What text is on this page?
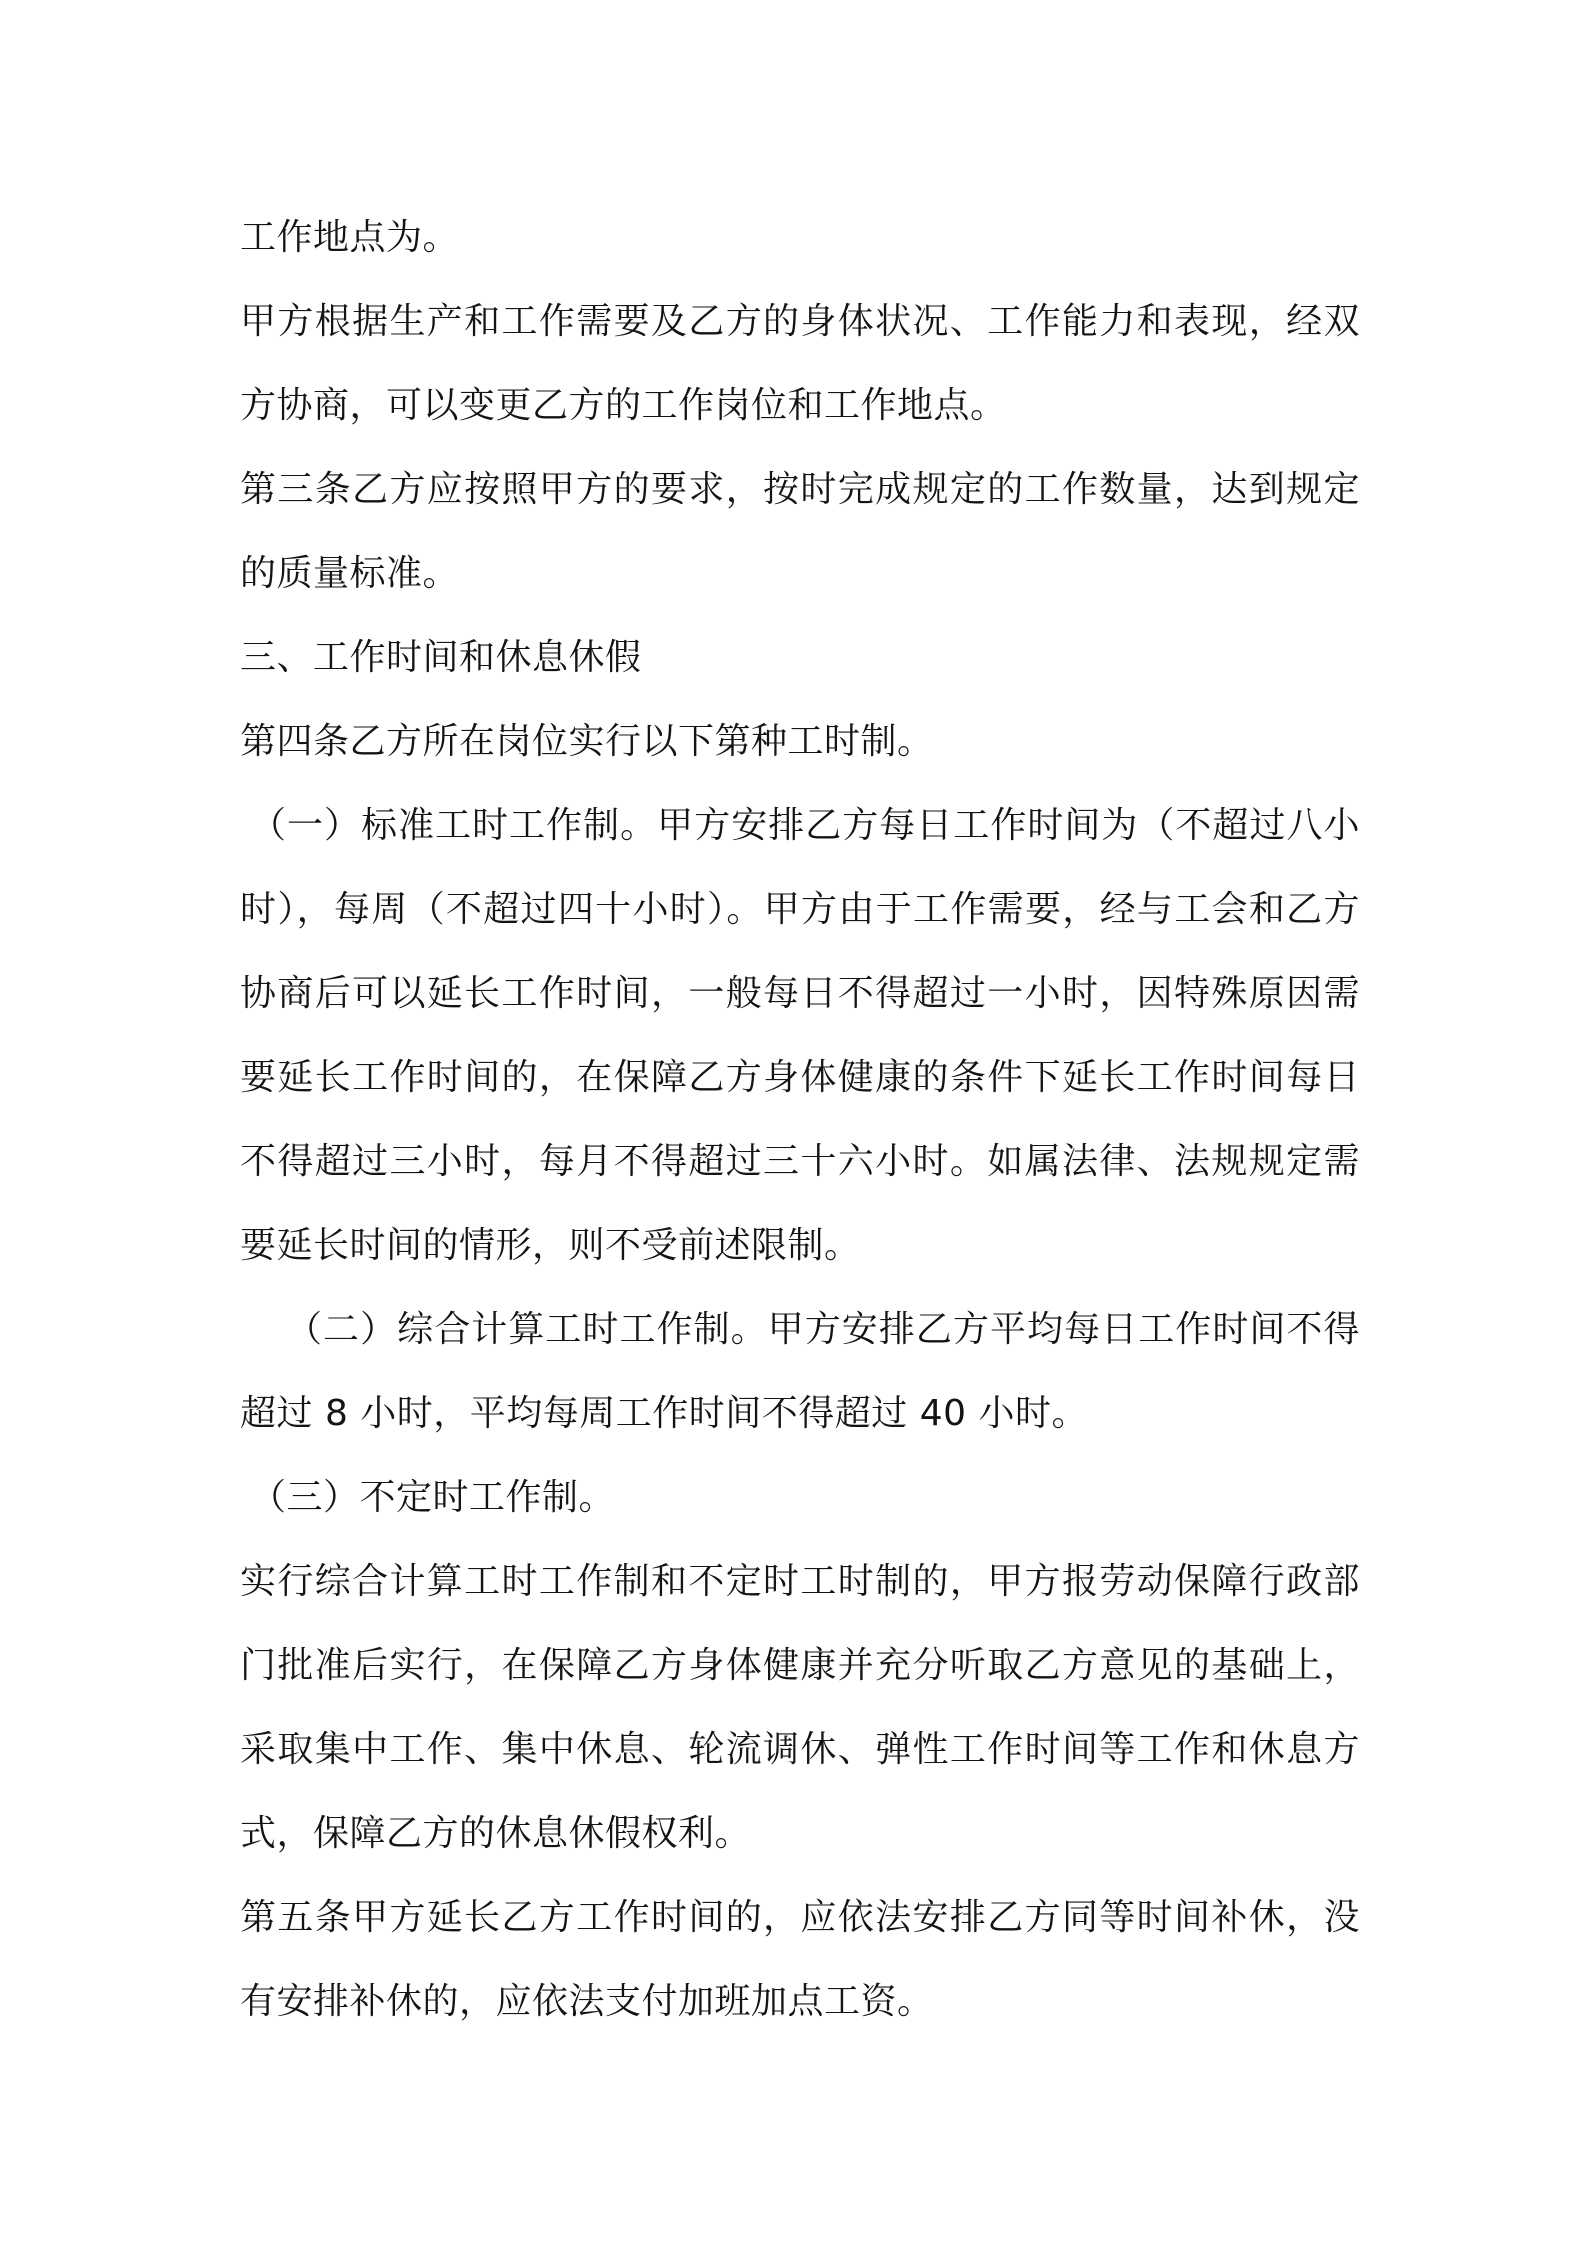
工作地点为。
甲方根据生产和工作需要及乙方的身体状况、工作能力和表现，经双
方协商，可以变更乙方的工作岗位和工作地点。
第三条乙方应按照甲方的要求，按时完成规定的工作数量，达到规定
的质量标准。
三、工作时间和休息休假
第四条乙方所在岗位实行以下第种工时制。
（一）标准工时工作制。甲方安排乙方每日工作时间为（不超过八小
时），每周（不超过四十小时）。甲方由于工作需要，经与工会和乙方
协商后可以延长工作时间，一般每日不得超过一小时，因特殊原因需
要延长工作时间的，在保障乙方身体健康的条件下延长工作时间每日
不得超过三小时，每月不得超过三十六小时。如属法律、法规规定需
要延长时间的情形，则不受前述限制。
（二）综合计算工时工作制。甲方安排乙方平均每日工作时间不得
超过 8 小时，平均每周工作时间不得超过 40 小时。
（三）不定时工作制。
实行综合计算工时工作制和不定时工时制的，甲方报劳动保障行政部
门批准后实行，在保障乙方身体健康并充分听取乙方意见的基础上，
采取集中工作、集中休息、轮流调休、弹性工作时间等工作和休息方
式，保障乙方的休息休假权利。
第五条甲方延长乙方工作时间的，应依法安排乙方同等时间补休，没
有安排补休的，应依法支付加班加点工资。
